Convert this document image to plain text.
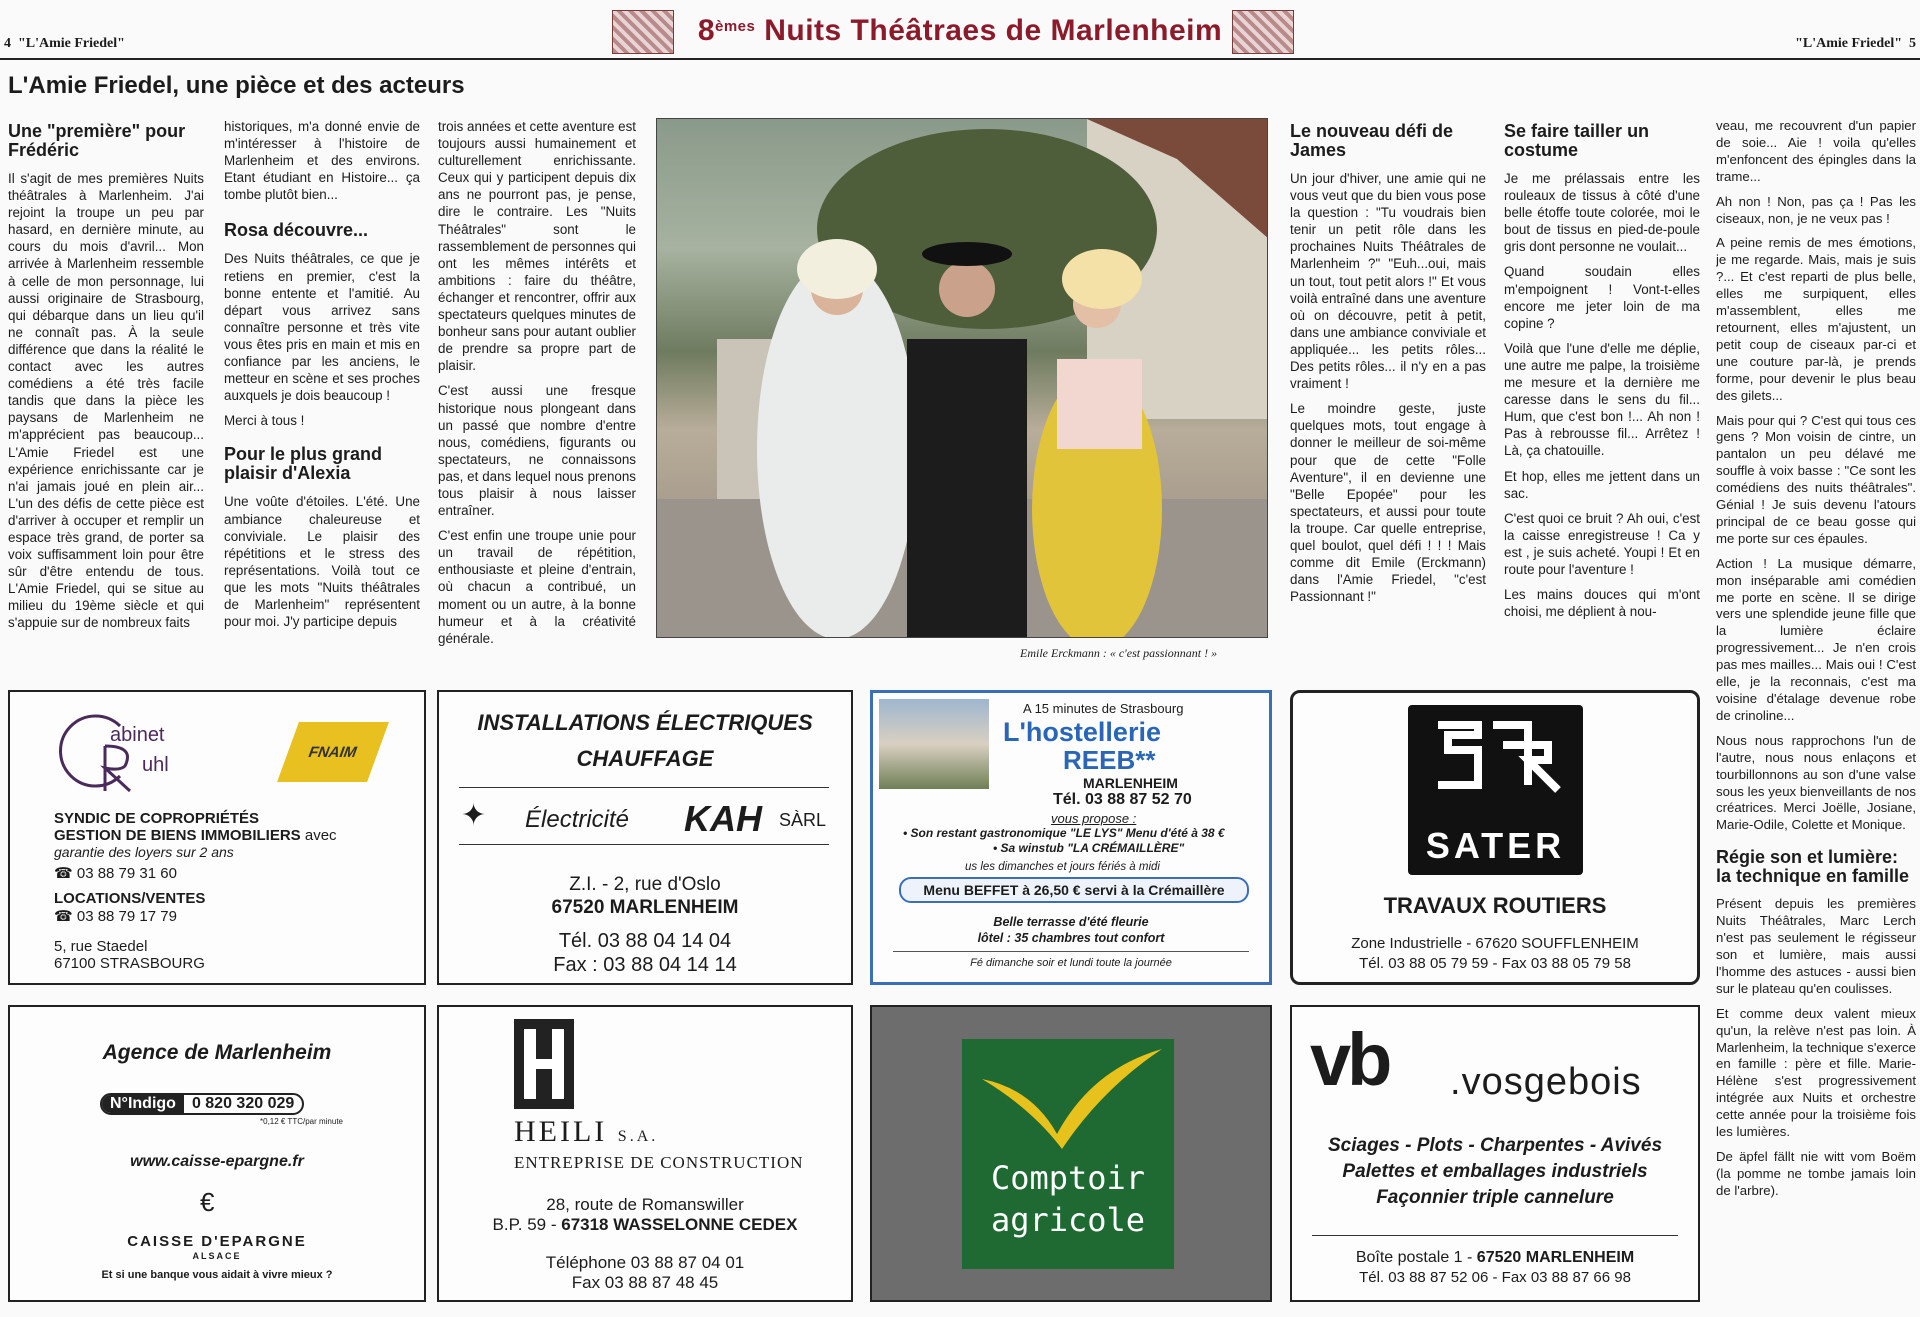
4 "L'Amie Friedel"	8èmes Nuits Théâtraes de Marlenheim	"L'Amie Friedel" 5
L'Amie Friedel, une pièce et des acteurs
Une "première" pour Frédéric

Il s'agit de mes premières Nuits théâtrales à Marlenheim. J'ai rejoint la troupe un peu par hasard, en dernière minute, au cours du mois d'avril... Mon arrivée à Marlenheim ressemble à celle de mon personnage, lui aussi originaire de Strasbourg, qui débarque dans un lieu qu'il ne connaît pas. À la seule différence que dans la réalité le contact avec les autres comédiens a été très facile tandis que dans la pièce les paysans de Marlenheim ne m'apprécient pas beaucoup... L'Amie Friedel est une expérience enrichissante car je n'ai jamais joué en plein air... L'un des défis de cette pièce est d'arriver à occuper et remplir un espace très grand, de porter sa voix suffisamment loin pour être sûr d'être entendu de tous. L'Amie Friedel, qui se situe au milieu du 19ème siècle et qui s'appuie sur de nombreux faits

historiques, m'a donné envie de m'intéresser à l'histoire de Marlenheim et des environs. Etant étudiant en Histoire... ça tombe plutôt bien...

Rosa découvre...

Des Nuits théâtrales, ce que je retiens en premier, c'est la bonne entente et l'amitié. Au départ vous arrivez sans connaître personne et très vite vous êtes pris en main et mis en confiance par les anciens, le metteur en scène et ses proches auxquels je dois beaucoup !

Merci à tous !

Pour le plus grand plaisir d'Alexia

Une voûte d'étoiles. L'été. Une ambiance chaleureuse et conviviale. Le plaisir des répétitions et le stress des représentations. Voilà tout ce que les mots "Nuits théâtrales de Marlenheim" représentent pour moi. J'y participe depuis

trois années et cette aventure est toujours aussi humainement et culturellement enrichissante. Ceux qui y participent depuis dix ans ne pourront pas, je pense, dire le contraire. Les "Nuits Théâtrales" sont le rassemblement de personnes qui ont les mêmes intérêts et ambitions : faire du théâtre, échanger et rencontrer, offrir aux spectateurs quelques minutes de bonheur sans pour autant oublier de prendre sa propre part de plaisir.

C'est aussi une fresque historique nous plongeant dans un passé que nombre d'entre nous, comédiens, figurants ou spectateurs, ne connaissons pas, et dans lequel nous prenons tous plaisir à nous laisser entraîner.

C'est enfin une troupe unie pour un travail de répétition, enthousiaste et pleine d'entrain, où chacun a contribué, un moment ou un autre, à la bonne humeur et à la créativité générale.

Emile Erckmann : « c'est passionnant ! »
Le nouveau défi de James

Un jour d'hiver, une amie qui ne vous veut que du bien vous pose la question : "Tu voudrais bien tenir un petit rôle dans les prochaines Nuits Théâtrales de Marlenheim ?" "Euh...oui, mais un tout, tout petit alors !" Et vous voilà entraîné dans une aventure où on découvre, petit à petit, dans une ambiance conviviale et appliquée... les petits rôles... Des petits rôles... il n'y en a pas vraiment !

Le moindre geste, juste quelques mots, tout engage à donner le meilleur de soi-même pour que de cette "Folle Aventure", il en devienne une "Belle Epopée" pour les spectateurs, et aussi pour toute la troupe. Car quelle entreprise, quel boulot, quel défi ! ! ! Mais comme dit Emile (Erckmann) dans l'Amie Friedel, "c'est Passionnant !"

Se faire tailler un costume

Je me prélassais entre les rouleaux de tissus à côté d'une belle étoffe toute colorée, moi le bout de tissus en pied-de-poule gris dont personne ne voulait...

Quand soudain elles m'empoignent ! Vont-t-elles encore me jeter loin de ma copine ?

Voilà que l'une d'elle me déplie, une autre me palpe, la troisième me mesure et la dernière me caresse dans le sens du fil... Hum, que c'est bon !... Ah non ! Pas à rebrousse fil... Arrêtez ! Là, ça chatouille.

Et hop, elles me jettent dans un sac.

C'est quoi ce bruit ? Ah oui, c'est la caisse enregistreuse ! Ca y est , je suis acheté. Youpi ! Et en route pour l'aventure !

Les mains douces qui m'ont choisi, me déplient à nou-

veau, me recouvrent d'un papier de soie... Aie ! voila qu'elles m'enfoncent des épingles dans la trame...

Ah non ! Non, pas ça ! Pas les ciseaux, non, je ne veux pas !

A peine remis de mes émotions, je me regarde. Mais, mais je suis ?... Et c'est reparti de plus belle, elles me surpiquent, elles m'assemblent, elles me retournent, elles m'ajustent, un petit coup de ciseaux par-ci et une couture par-là, je prends forme, pour devenir le plus beau des gilets...

Mais pour qui ? C'est qui tous ces gens ? Mon voisin de cintre, un pantalon un peu délavé me souffle à voix basse : "Ce sont les comédiens des nuits théâtrales". Génial ! Je suis devenu l'atours principal de ce beau gosse qui me porte sur ces épaules.

Action ! La musique démarre, mon inséparable ami comédien me porte en scène. Il se dirige vers une splendide jeune fille que la lumière éclaire progressivement... Je n'en crois pas mes mailles... Mais oui ! C'est elle, je la reconnais, c'est ma voisine d'étalage devenue robe de crinoline...

Nous nous rapprochons l'un de l'autre, nous nous enlaçons et tourbillonnons au son d'une valse sous les yeux bienveillants de nos créatrices. Merci Joëlle, Josiane, Marie-Odile, Colette et Monique.

Régie son et lumière: la technique en famille

Présent depuis les premières Nuits Théâtrales, Marc Lerch n'est pas seulement le régisseur son et lumière, mais aussi l'homme des astuces - aussi bien sur le plateau qu'en coulisses.

Et comme deux valent mieux qu'un, la relève n'est pas loin. À Marlenheim, la technique s'exerce en famille : père et fille. Marie-Hélène s'est progressivement intégrée aux Nuits et orchestre cette année pour la troisième fois les lumières.

De äpfel fällt nie witt vom Boëm (la pomme ne tombe jamais loin de l'arbre).

abinet
uhl
FNAIM
SYNDIC DE COPROPRIÉTÉS
GESTION DE BIENS IMMOBILIERS avec
garantie des loyers sur 2 ans
☎ 03 88 79 31 60
LOCATIONS/VENTES
☎ 03 88 79 17 79
5, rue Staedel
67100 STRASBOURG
INSTALLATIONS ÉLECTRIQUES
CHAUFFAGE
✦ Électricité KAH SÀRL
Z.I. - 2, rue d'Oslo
67520 MARLENHEIM
Tél. 03 88 04 14 04
Fax : 03 88 04 14 14
A 15 minutes de Strasbourg
L'hostellerie
REEB**
MARLENHEIM
Tél. 03 88 87 52 70
vous propose :
• Son restant gastronomique "LE LYS" Menu d'été à 38 €
• Sa winstub "LA CRÉMAILLÈRE"
us les dimanches et jours fériés à midi
Menu BEFFET à 26,50 € servi à la Crémaillère
Belle terrasse d'été fleurie
lôtel : 35 chambres tout confort
Fé dimanche soir et lundi toute la journée
SATER
TRAVAUX ROUTIERS
Zone Industrielle - 67620 SOUFFLENHEIM
Tél. 03 88 05 79 59 - Fax 03 88 05 79 58
Agence de Marlenheim
N°Indigo	0 820 320 029
*0,12 € TTC/par minute
www.caisse-epargne.fr
€
CAISSE D'EPARGNE
ALSACE
Et si une banque vous aidait à vivre mieux ?
HEILI S.A.
ENTREPRISE DE CONSTRUCTION
28, route de Romanswiller
B.P. 59 - 67318 WASSELONNE CEDEX
Téléphone 03 88 87 04 01
Fax 03 88 87 48 45
Comptoir
agricole
vb .vosgebois
Sciages - Plots - Charpentes - Avivés
Palettes et emballages industriels
Façonnier triple cannelure
Boîte postale 1 - 67520 MARLENHEIM
Tél. 03 88 87 52 06 - Fax 03 88 87 66 98
